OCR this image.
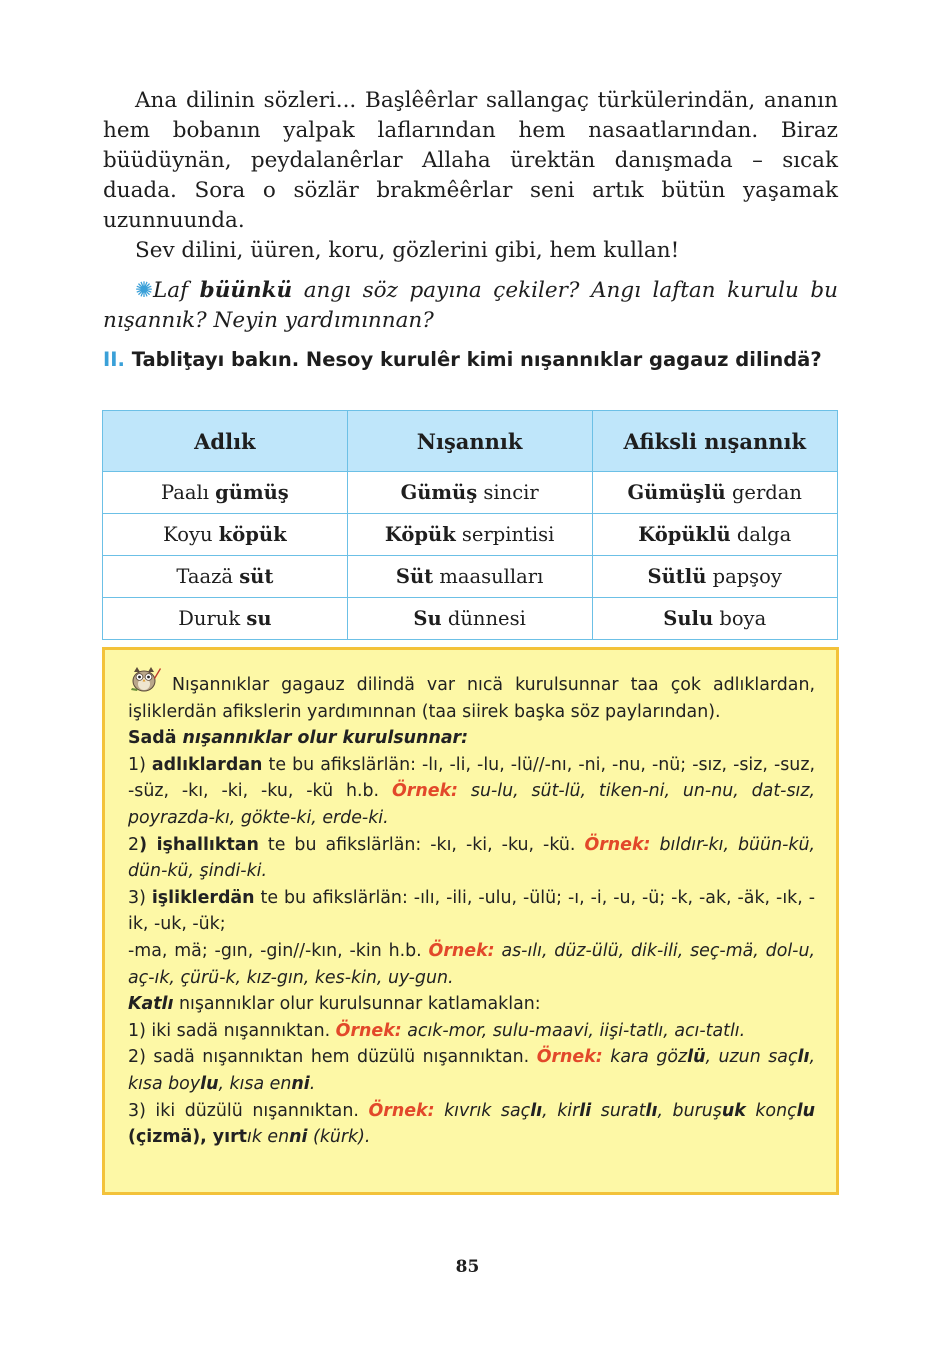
Ana dilinin sözleri... Başlêêrlar sallangaç türkülerindän, ananın hem bobanın yalpak laflarından hem nasaatlarından. Biraz büüdüynän, peydalanêrlar Allaha ürektän danışmada – sıcak duada. Sora o sözlär brakmêêrlar seni artık bütün yaşamak uzunnuunda.

Sev dilini, üüren, koru, gözlerini gibi, hem kullan!

✺Laf büünkü angı söz payına çekiler? Angı laftan kurulu bu nışannık? Neyin yardımınnan?

II. Tabliţayı bakın. Nesoy kurulêr kimi nışannıklar gagauz dilindä?

Adlık	Nışannık	Afiksli nışannık
Paalı gümüş	Gümüş sincir	Gümüşlü gerdan
Koyu köpük	Köpük serpintisi	Köpüklü dalga
Taazä süt	Süt maasulları	Sütlü papşoy
Duruk su	Su dünnesi	Sulu boya

Nışannıklar gagauz dilindä var nıcä kurulsunnar taa çok adlıklardan, işliklerdän afikslerin yardımınnan (taa siirek başka söz paylarından).

Sadä nışannıklar olur kurulsunnar:

1) adlıklardan te bu afikslärlän: -lı, -li, -lu, -lü//-nı, -ni, -nu, -nü; -sız, -siz, -suz, -süz, -kı, -ki, -ku, -kü h.b. Örnek: su-lu, süt-lü, tiken-ni, un-nu, dat-sız, poyrazda-kı, gökte-ki, erde-ki.

2) işhallıktan te bu afikslärlän: -kı, -ki, -ku, -kü. Örnek: bıldır-kı, büün-kü, dün-kü, şindi-ki.

3) işliklerdän te bu afikslärlän: -ılı, -ili, -ulu, -ülü; -ı, -i, -u, -ü; -k, -ak, -äk, -ık, -ik, -uk, -ük;

-ma, mä; -gın, -gin//-kın, -kin h.b. Örnek: as-ılı, düz-ülü, dik-ili, seç-mä, dol-u, aç-ık, çürü-k, kız-gın, kes-kin, uy-gun.

Katlı nışannıklar olur kurulsunnar katlamaklan:

1) iki sadä nışannıktan. Örnek: acık-mor, sulu-maavi, iişi-tatlı, acı-tatlı.

2) sadä nışannıktan hem düzülü nışannıktan. Örnek: kara gözlü, uzun saçlı, kısa boylu, kısa enni.

3) iki düzülü nışannıktan. Örnek: kıvrık saçlı, kirli suratlı, buruşuk konçlu (çizmä), yırtık enni (kürk).

85
